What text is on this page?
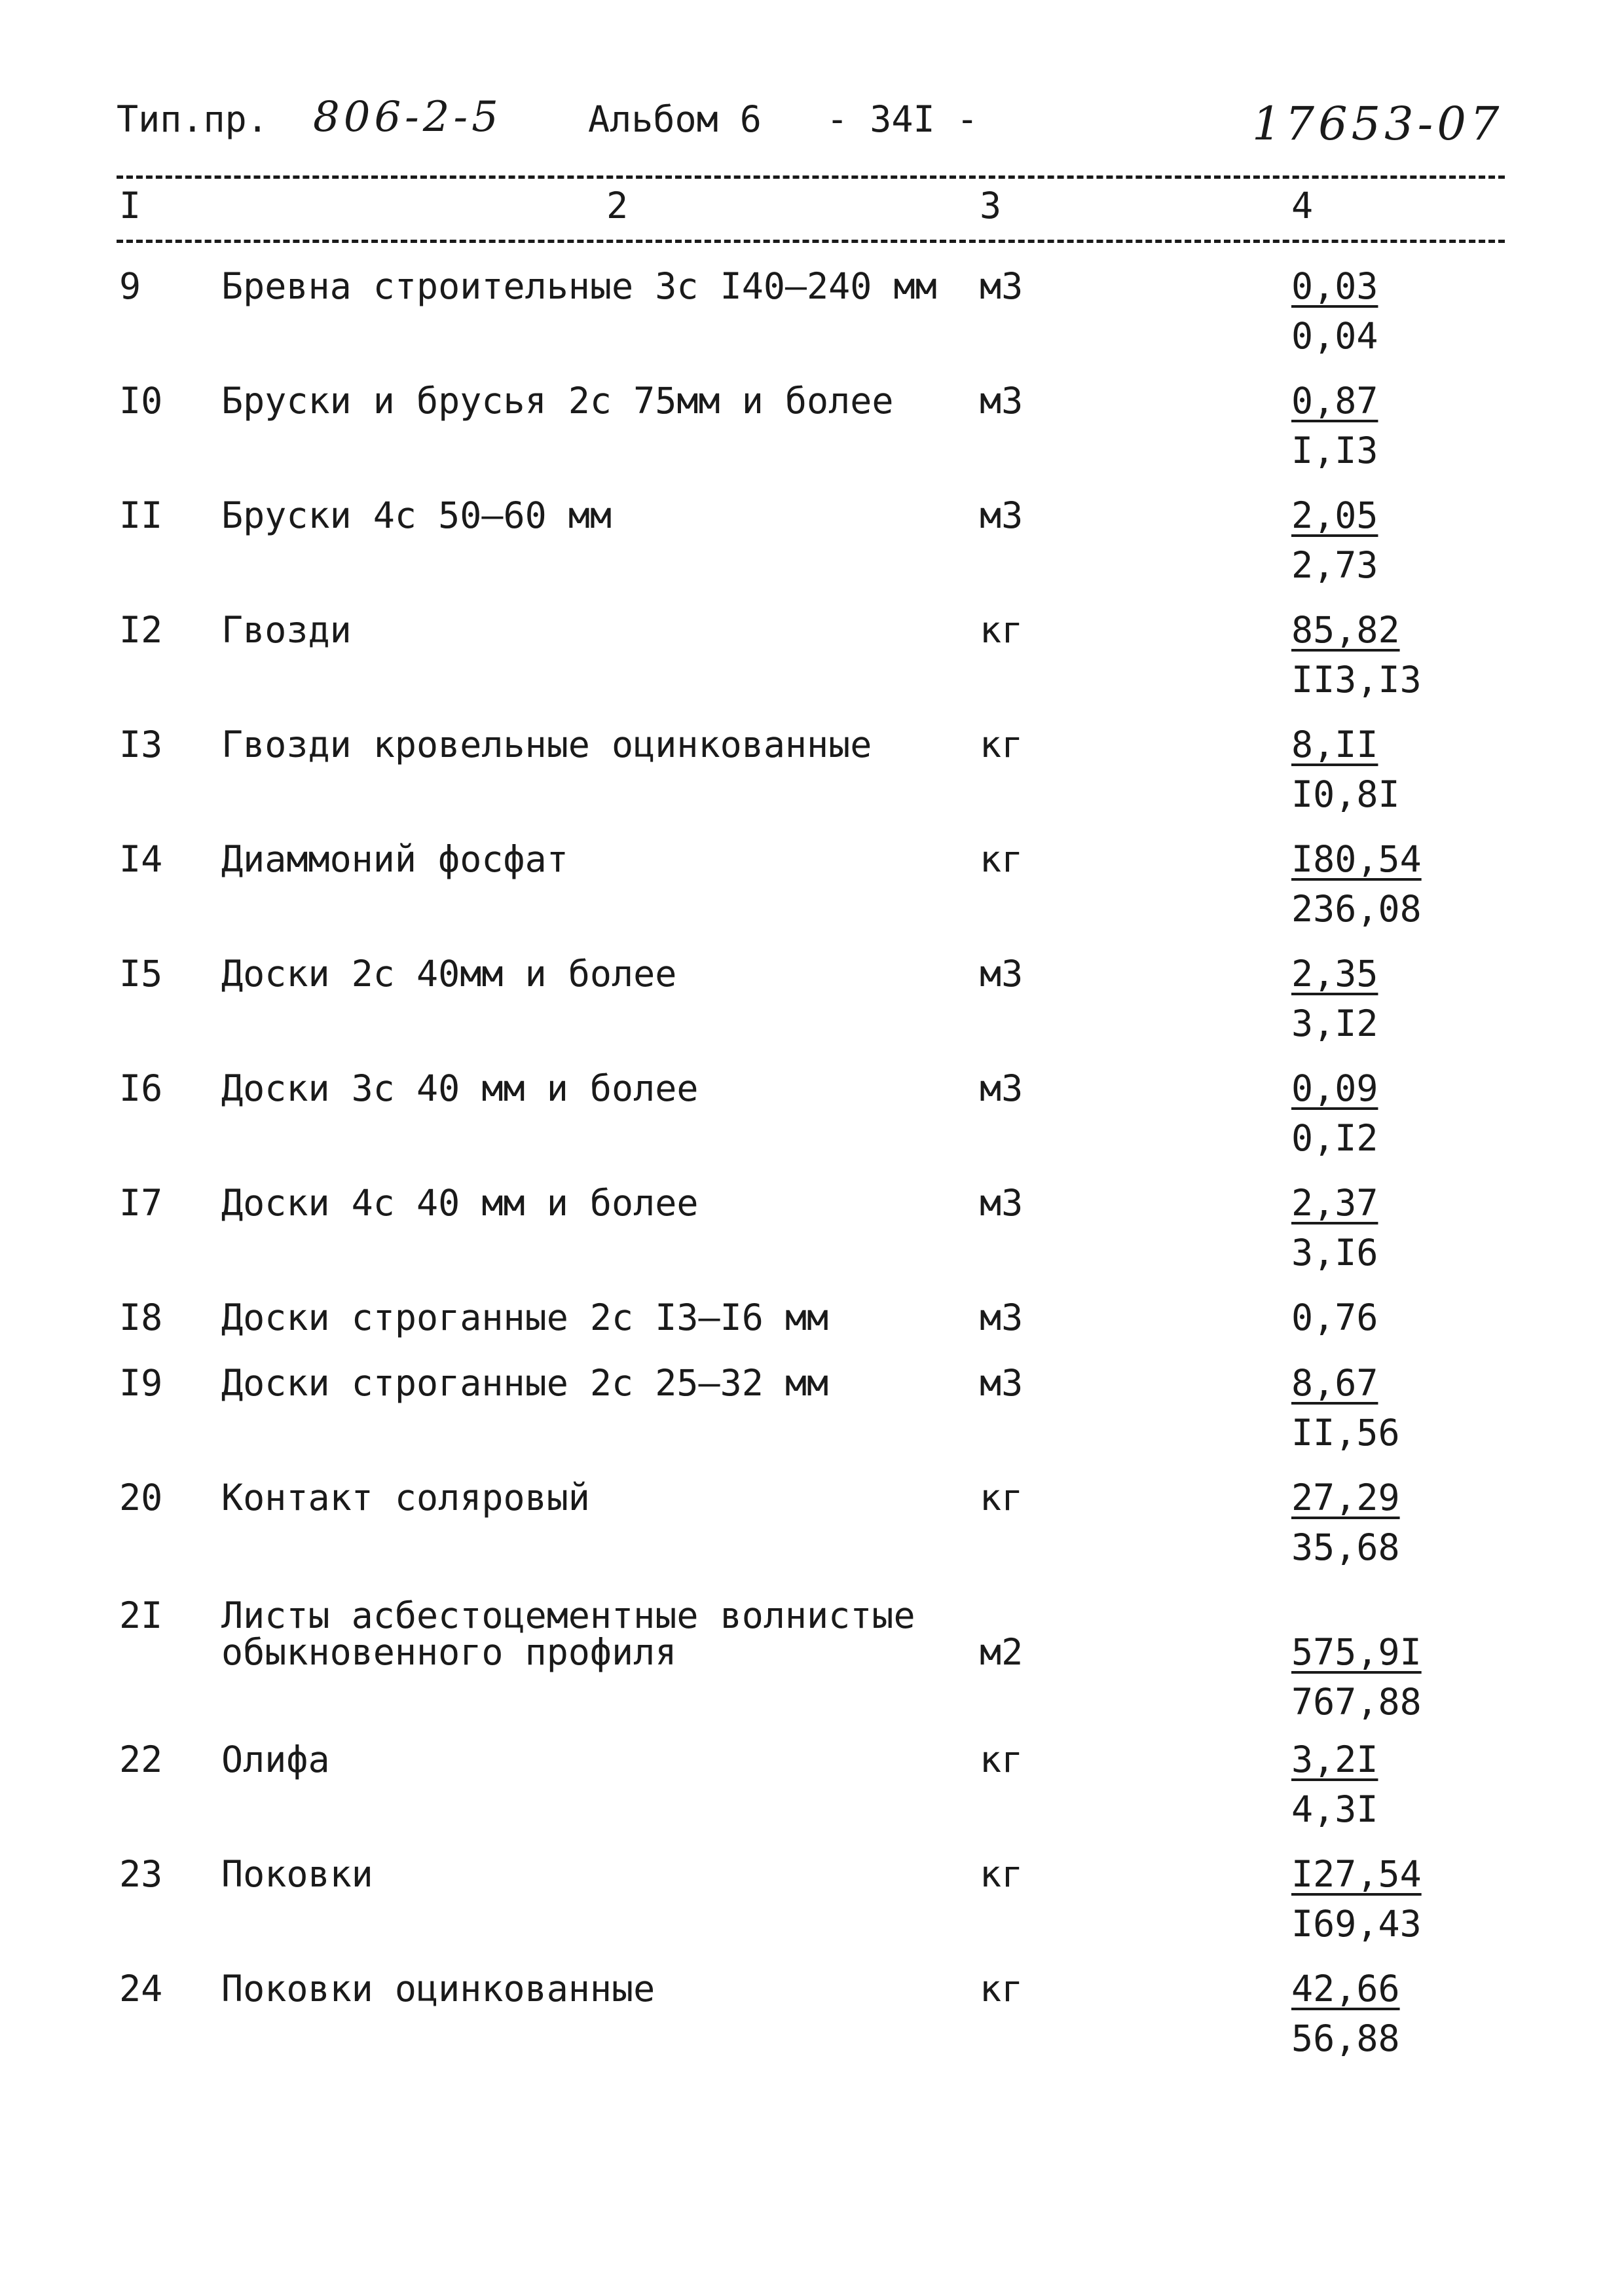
Тип.пр. 806-2-5 Альбом 6 - 34I -	17653-07
I	2	3	4
9 Бревна строительные 3с I40–240 мм м3	0,03
0,04
I0 Бруски и брусья 2с 75мм и более м3	0,87
I,I3
II Бруски 4с 50–60 мм	м3	2,05
2,73
I2 Гвозди	кг	85,82
II3,I3
I3 Гвозди кровельные оцинкованные	кг	8,II
I0,8I
I4 Диаммоний фосфат	кг	I80,54
236,08
I5 Доски 2с 40мм и более	м3	2,35
3,I2
I6 Доски 3с 40 мм и более	м3	0,09
0,I2
I7 Доски 4с 40 мм и более	м3	2,37
3,I6
I8 Доски строганные 2с I3–I6 мм	м3	0,76
I9 Доски строганные 2с 25–32 мм	м3	8,67
II,56
20 Контакт соляровый	кг	27,29
35,68
2I Листы асбестоцементные волнистые
обыкновенного профиля	м2	575,9I
767,88
22 Олифа	кг	3,2I
4,3I
23 Поковки	кг	I27,54
I69,43
24 Поковки оцинкованные	кг	42,66
56,88
